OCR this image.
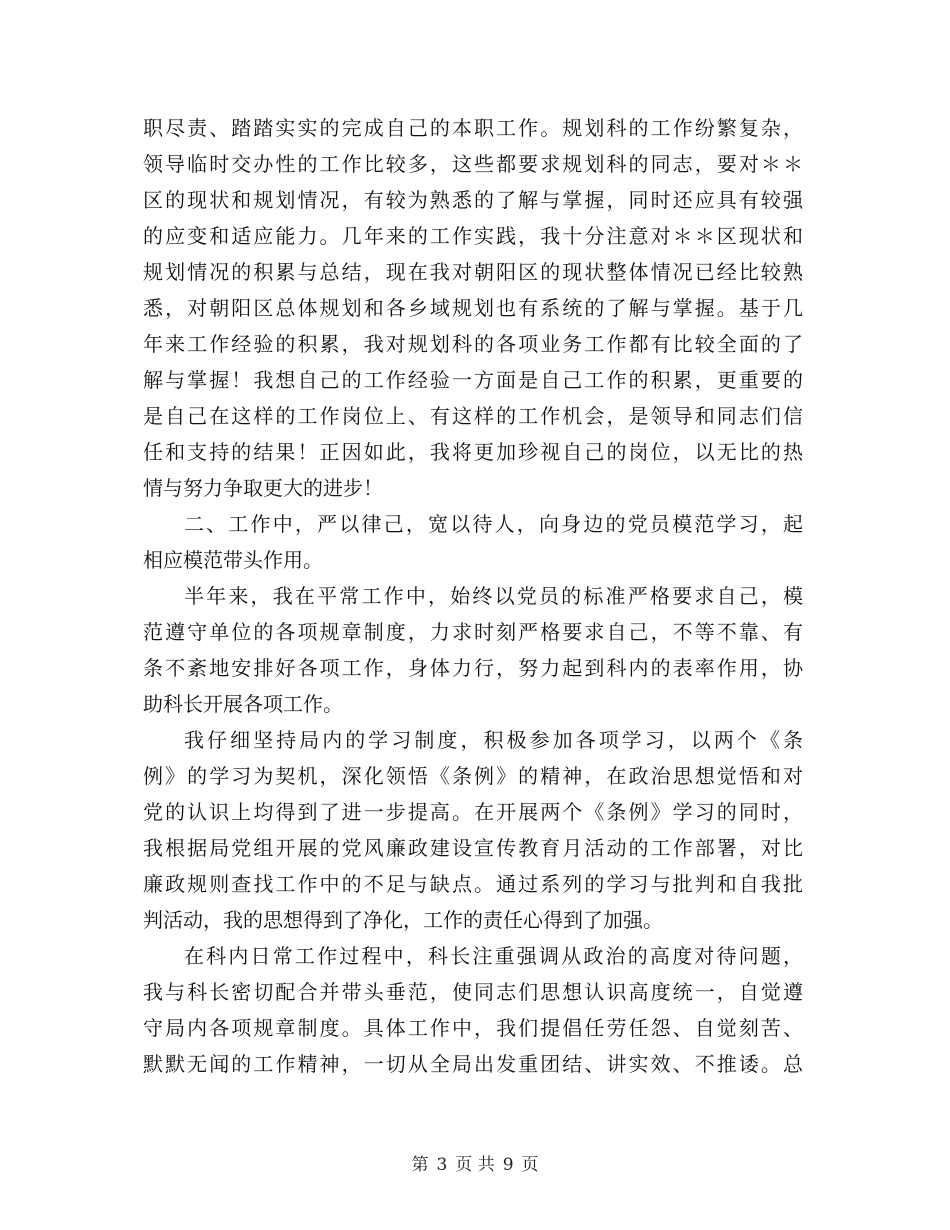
职尽责、踏踏实实的完成自己的本职工作。规划科的工作纷繁复杂，
领导临时交办性的工作比较多，这些都要求规划科的同志，要对＊＊
区的现状和规划情况，有较为熟悉的了解与掌握，同时还应具有较强
的应变和适应能力。几年来的工作实践，我十分注意对＊＊区现状和
规划情况的积累与总结，现在我对朝阳区的现状整体情况已经比较熟
悉，对朝阳区总体规划和各乡域规划也有系统的了解与掌握。基于几
年来工作经验的积累，我对规划科的各项业务工作都有比较全面的了
解与掌握！我想自己的工作经验一方面是自己工作的积累，更重要的
是自己在这样的工作岗位上、有这样的工作机会，是领导和同志们信
任和支持的结果！正因如此，我将更加珍视自己的岗位，以无比的热
情与努力争取更大的进步！
二、工作中，严以律己，宽以待人，向身边的党员模范学习，起
相应模范带头作用。
半年来，我在平常工作中，始终以党员的标准严格要求自己，模
范遵守单位的各项规章制度，力求时刻严格要求自己，不等不靠、有
条不紊地安排好各项工作，身体力行，努力起到科内的表率作用，协
助科长开展各项工作。
我仔细坚持局内的学习制度，积极参加各项学习，以两个《条
例》的学习为契机，深化领悟《条例》的精神，在政治思想觉悟和对
党的认识上均得到了进一步提高。在开展两个《条例》学习的同时，
我根据局党组开展的党风廉政建设宣传教育月活动的工作部署，对比
廉政规则查找工作中的不足与缺点。通过系列的学习与批判和自我批
判活动，我的思想得到了净化，工作的责任心得到了加强。
在科内日常工作过程中，科长注重强调从政治的高度对待问题，
我与科长密切配合并带头垂范，使同志们思想认识高度统一，自觉遵
守局内各项规章制度。具体工作中，我们提倡任劳任怨、自觉刻苦、
默默无闻的工作精神，一切从全局出发重团结、讲实效、不推诿。总
第 3 页 共 9 页
